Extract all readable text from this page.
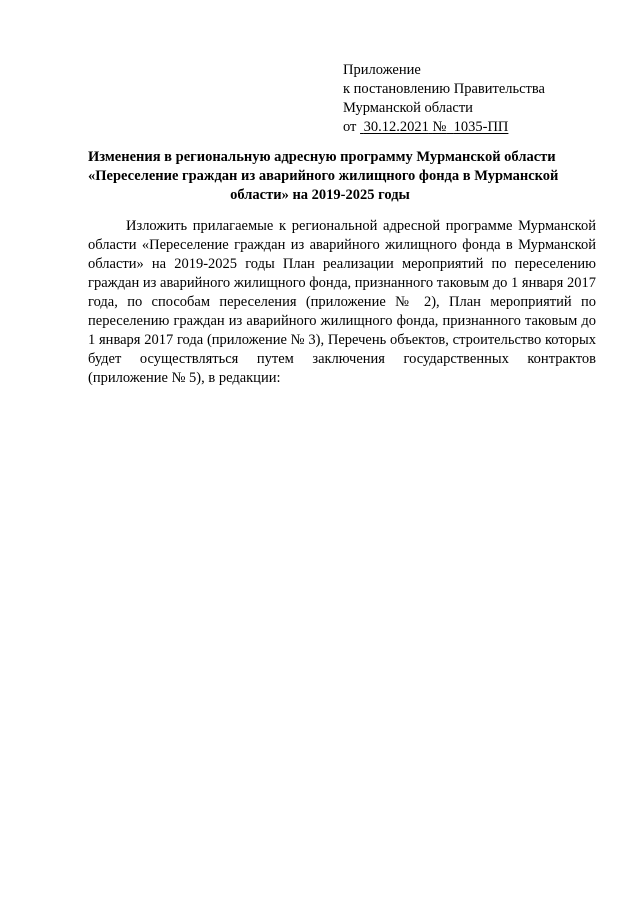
Приложение
к постановлению Правительства
Мурманской области
от 30.12.2021 № 1035-ПП
Изменения в региональную адресную программу Мурманской области
«Переселение граждан из аварийного жилищного фонда в Мурманской
области» на 2019-2025 годы

Изложить прилагаемые к региональной адресной программе Мурманской области «Переселение граждан из аварийного жилищного фонда в Мурманской области» на 2019-2025 годы План реализации мероприятий по переселению граждан из аварийного жилищного фонда, признанного таковым до 1 января 2017 года, по способам переселения (приложение № 2), План мероприятий по переселению граждан из аварийного жилищного фонда, признанного таковым до 1 января 2017 года (приложение № 3), Перечень объектов, строительство которых будет осуществляться путем заключения государственных контрактов (приложение № 5), в редакции:
